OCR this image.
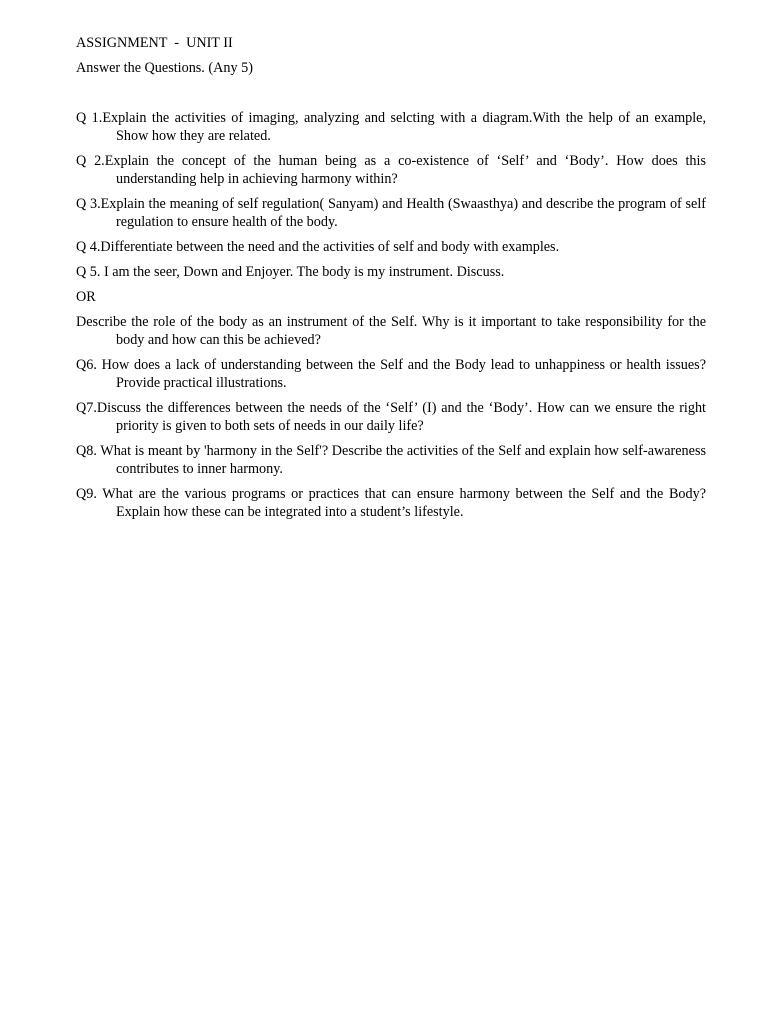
ASSIGNMENT  -  UNIT II

Answer the Questions. (Any 5)

Q 1.Explain the activities of imaging, analyzing and selcting with a diagram.With the help of an example, Show how they are related.

Q 2.Explain the concept of the human being as a co-existence of ‘Self’ and ‘Body’. How does this understanding help in achieving harmony within?

Q 3.Explain the meaning of self regulation( Sanyam) and Health (Swaasthya) and describe the program of self regulation to ensure health of the body.

Q 4.Differentiate between the need and the activities of self and body with examples.

Q 5. I am the seer, Down and Enjoyer. The body is my instrument. Discuss.

OR

Describe the role of the body as an instrument of the Self. Why is it important to take responsibility for the body and how can this be achieved?

Q6. How does a lack of understanding between the Self and the Body lead to unhappiness or health issues? Provide practical illustrations.

Q7.Discuss the differences between the needs of the ‘Self’ (I) and the ‘Body’. How can we ensure the right priority is given to both sets of needs in our daily life?

Q8. What is meant by 'harmony in the Self'? Describe the activities of the Self and explain how self-awareness contributes to inner harmony.

Q9. What are the various programs or practices that can ensure harmony between the Self and the Body? Explain how these can be integrated into a student’s lifestyle.
